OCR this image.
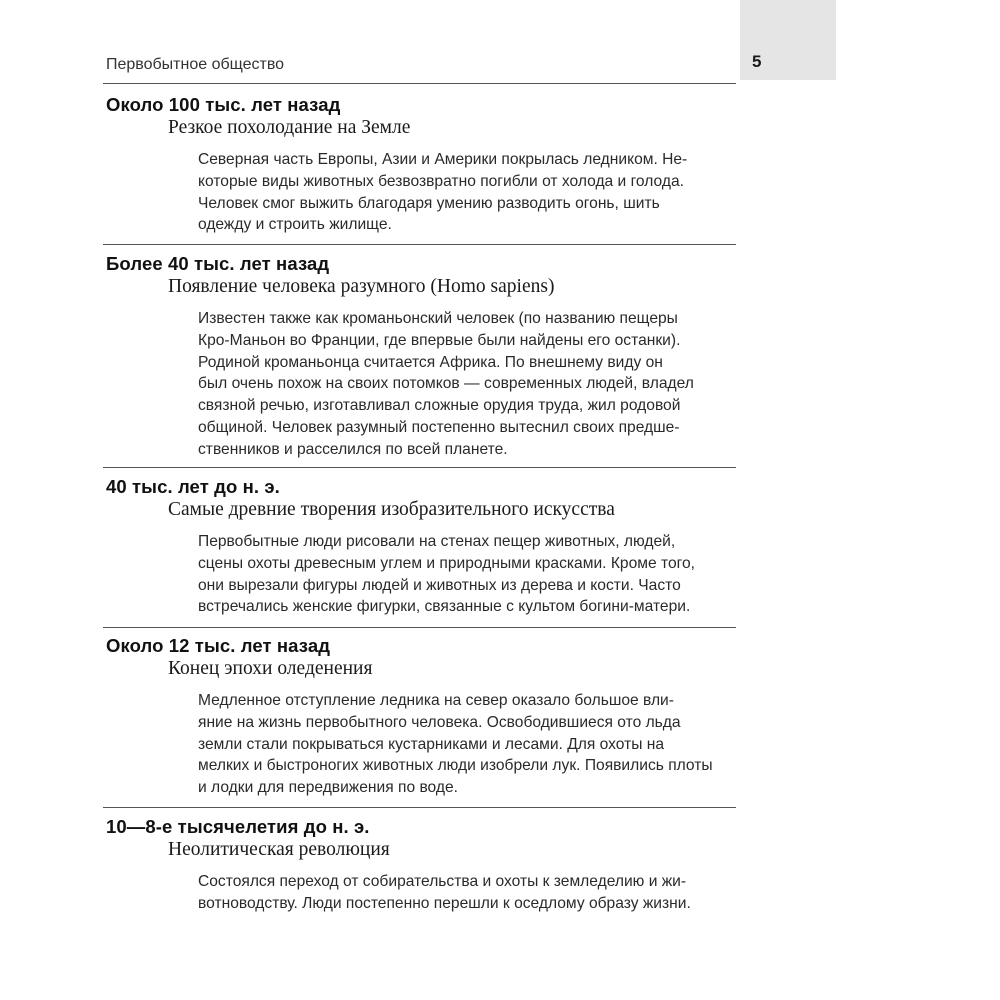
5
Первобытное общество
Около 100 тыс. лет назад
Резкое похолодание на Земле

Северная часть Европы, Азии и Америки покрылась ледником. Не-
которые виды животных безвозвратно погибли от холода и голода.
Человек смог выжить благодаря умению разводить огонь, шить
одежду и строить жилище.

Более 40 тыс. лет назад
Появление человека разумного (Homo sapiens)

Известен также как кроманьонский человек (по названию пещеры
Кро-Маньон во Франции, где впервые были найдены его останки).
Родиной кроманьонца считается Африка. По внешнему виду он
был очень похож на своих потомков — современных людей, владел
связной речью, изготавливал сложные орудия труда, жил родовой
общиной. Человек разумный постепенно вытеснил своих предше-
ственников и расселился по всей планете.

40 тыс. лет до н. э.
Самые древние творения изобразительного искусства

Первобытные люди рисовали на стенах пещер животных, людей,
сцены охоты древесным углем и природными красками. Кроме того,
они вырезали фигуры людей и животных из дерева и кости. Часто
встречались женские фигурки, связанные с культом богини-матери.

Около 12 тыс. лет назад
Конец эпохи оледенения

Медленное отступление ледника на север оказало большое вли-
яние на жизнь первобытного человека. Освободившиеся ото льда
земли стали покрываться кустарниками и лесами. Для охоты на
мелких и быстроногих животных люди изобрели лук. Появились плоты
и лодки для передвижения по воде.

10—8-е тысячелетия до н. э.
Неолитическая революция

Состоялся переход от собирательства и охоты к земледелию и жи-
вотноводству. Люди постепенно перешли к оседлому образу жизни.
